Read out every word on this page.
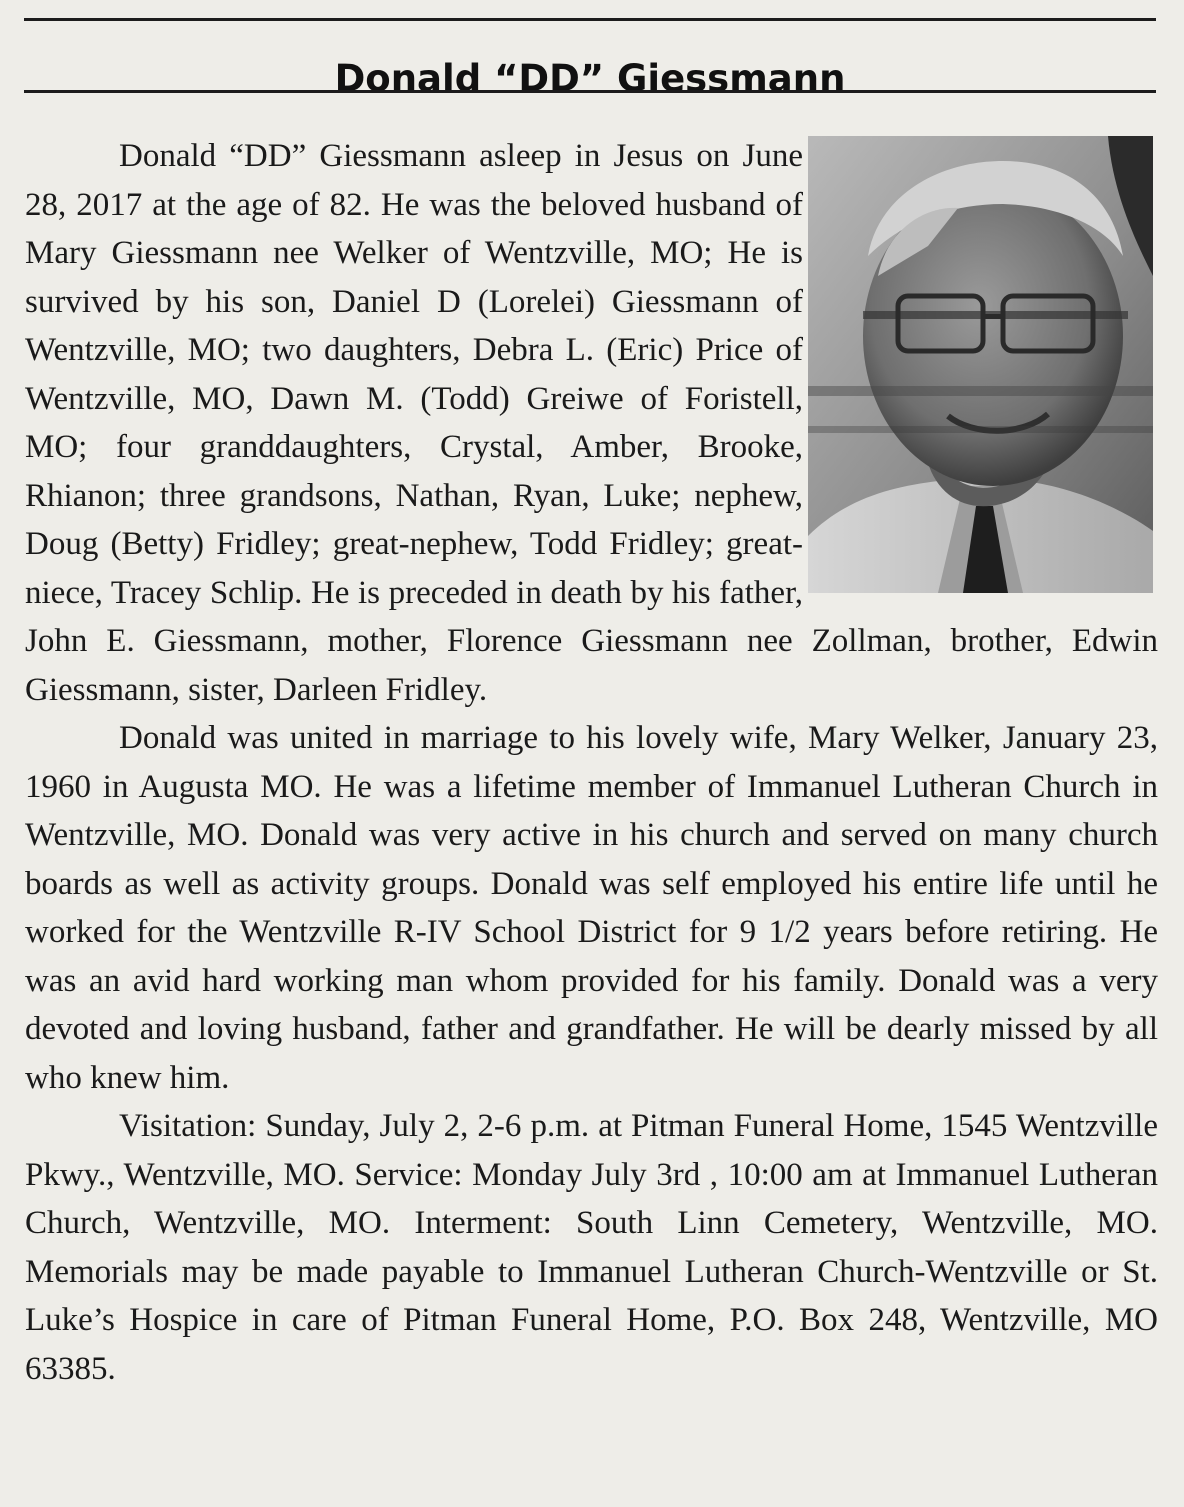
Donald “DD” Giessmann

Donald “DD” Giessmann asleep in Jesus on June 28, 2017 at the age of 82. He was the beloved husband of Mary Giessmann nee Welker of Wentzville, MO; He is survived by his son, Daniel D (Lorelei) Giessmann of Wentzville, MO; two daughters, Debra L. (Eric) Price of Wentzville, MO, Dawn M. (Todd) Greiwe of Foristell, MO; four granddaughters, Crystal, Amber, Brooke, Rhianon; three grandsons, Nathan, Ryan, Luke; nephew, Doug (Betty) Fridley; great-nephew, Todd Fridley; great-niece, Tracey Schlip. He is preceded in death by his father, John E. Giessmann, mother, Florence Giessmann nee Zollman, brother, Edwin Giessmann, sister, Darleen Fridley.

Donald was united in marriage to his lovely wife, Mary Welker, January 23, 1960 in Augusta MO. He was a lifetime member of Immanuel Lutheran Church in Wentzville, MO. Donald was very active in his church and served on many church boards as well as activity groups. Donald was self employed his entire life until he worked for the Wentzville R-IV School District for 9 1/2 years before retiring. He was an avid hard working man whom provided for his family. Donald was a very devoted and loving husband, father and grandfather. He will be dearly missed by all who knew him.

Visitation: Sunday, July 2, 2-6 p.m. at Pitman Funeral Home, 1545 Wentzville Pkwy., Wentzville, MO. Service: Monday July 3rd , 10:00 am at Immanuel Lutheran Church, Wentzville, MO. Interment: South Linn Cemetery, Wentzville, MO. Memorials may be made payable to Immanuel Lutheran Church-Wentzville or St. Luke’s Hospice in care of Pitman Funeral Home, P.O. Box 248, Wentzville, MO 63385.
